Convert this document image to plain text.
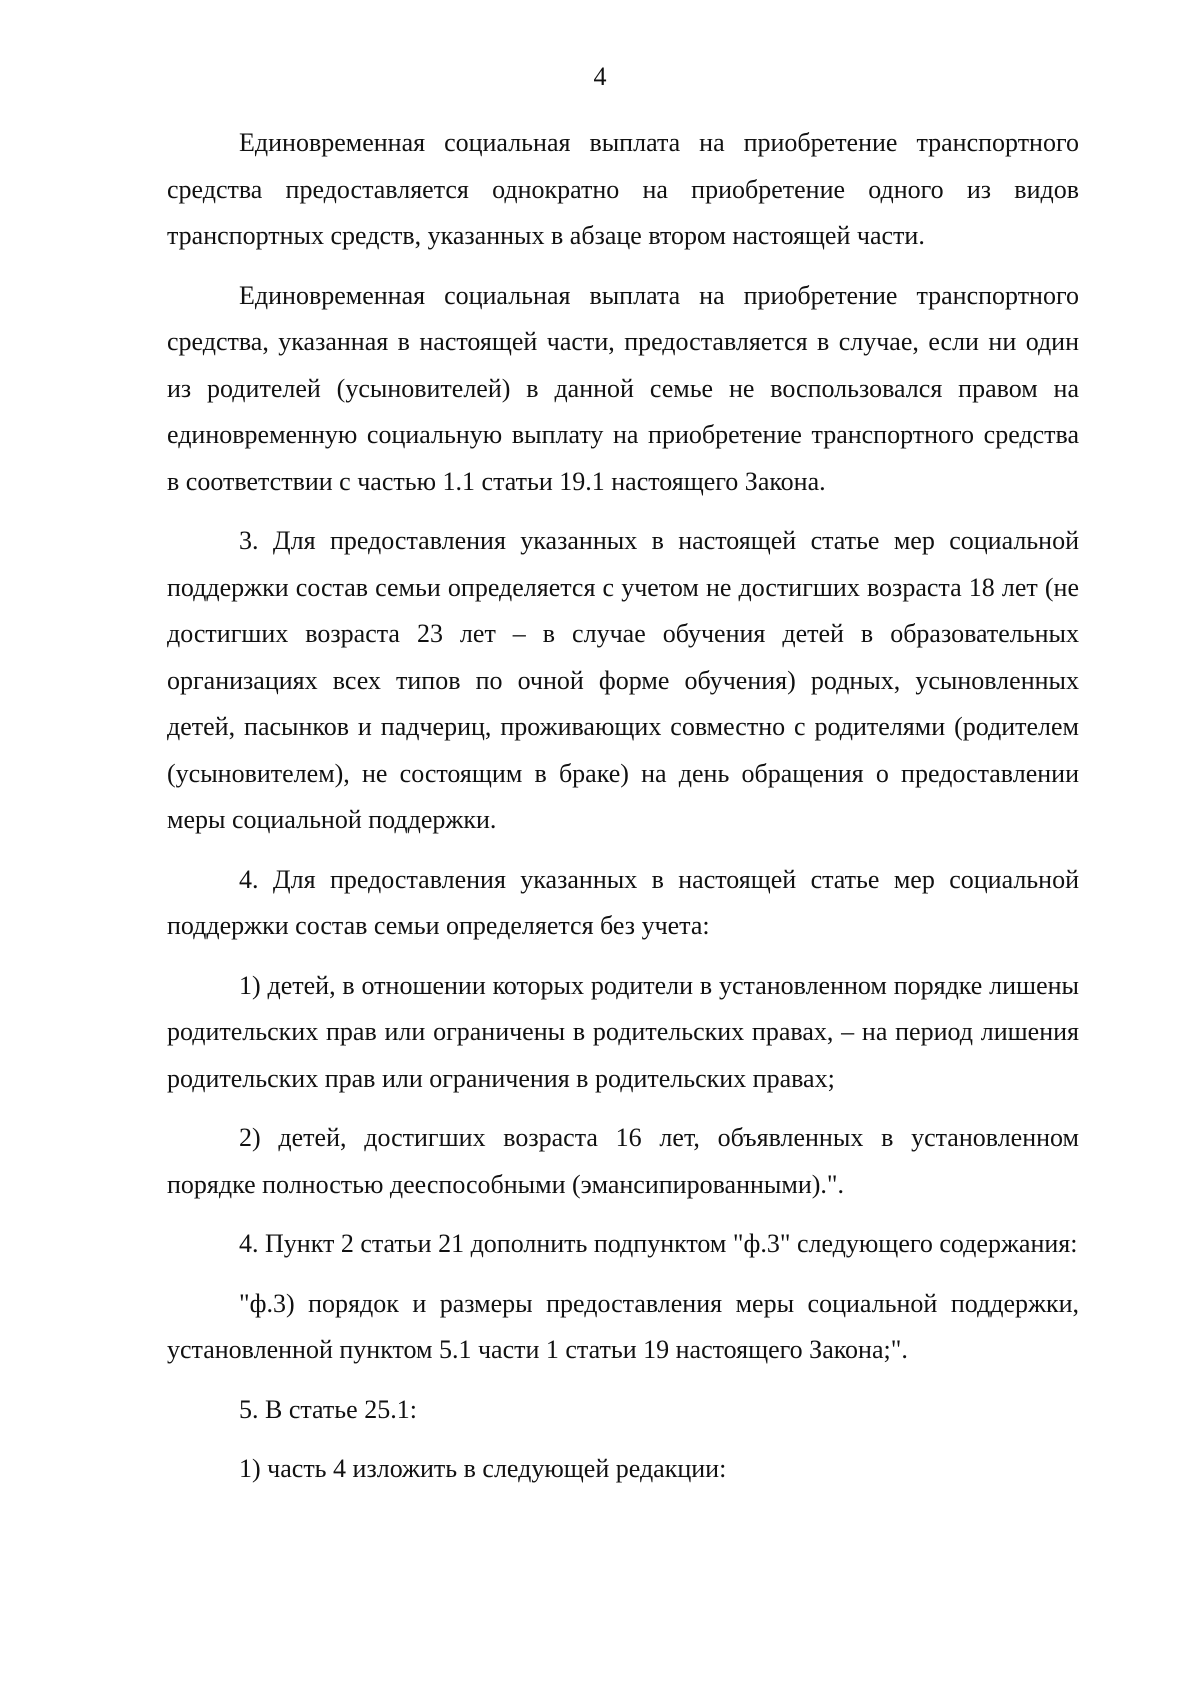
4

Единовременная социальная выплата на приобретение транспортного средства предоставляется однократно на приобретение одного из видов транспортных средств, указанных в абзаце втором настоящей части.

Единовременная социальная выплата на приобретение транспортного средства, указанная в настоящей части, предоставляется в случае, если ни один из родителей (усыновителей) в данной семье не воспользовался правом на единовременную социальную выплату на приобретение транспортного средства в соответствии с частью 1.1 статьи 19.1 настоящего Закона.

3. Для предоставления указанных в настоящей статье мер социальной поддержки состав семьи определяется с учетом не достигших возраста 18 лет (не достигших возраста 23 лет – в случае обучения детей в образовательных организациях всех типов по очной форме обучения) родных, усыновленных детей, пасынков и падчериц, проживающих совместно с родителями (родителем (усыновителем), не состоящим в браке) на день обращения о предоставлении меры социальной поддержки.

4. Для предоставления указанных в настоящей статье мер социальной поддержки состав семьи определяется без учета:

1) детей, в отношении которых родители в установленном порядке лишены родительских прав или ограничены в родительских правах, – на период лишения родительских прав или ограничения в родительских правах;

2) детей, достигших возраста 16 лет, объявленных в установленном порядке полностью дееспособными (эмансипированными).".

4. Пункт 2 статьи 21 дополнить подпунктом "ф.3" следующего содержания:

"ф.3) порядок и размеры предоставления меры социальной поддержки, установленной пунктом 5.1 части 1 статьи 19 настоящего Закона;".

5. В статье 25.1:

1) часть 4 изложить в следующей редакции:
